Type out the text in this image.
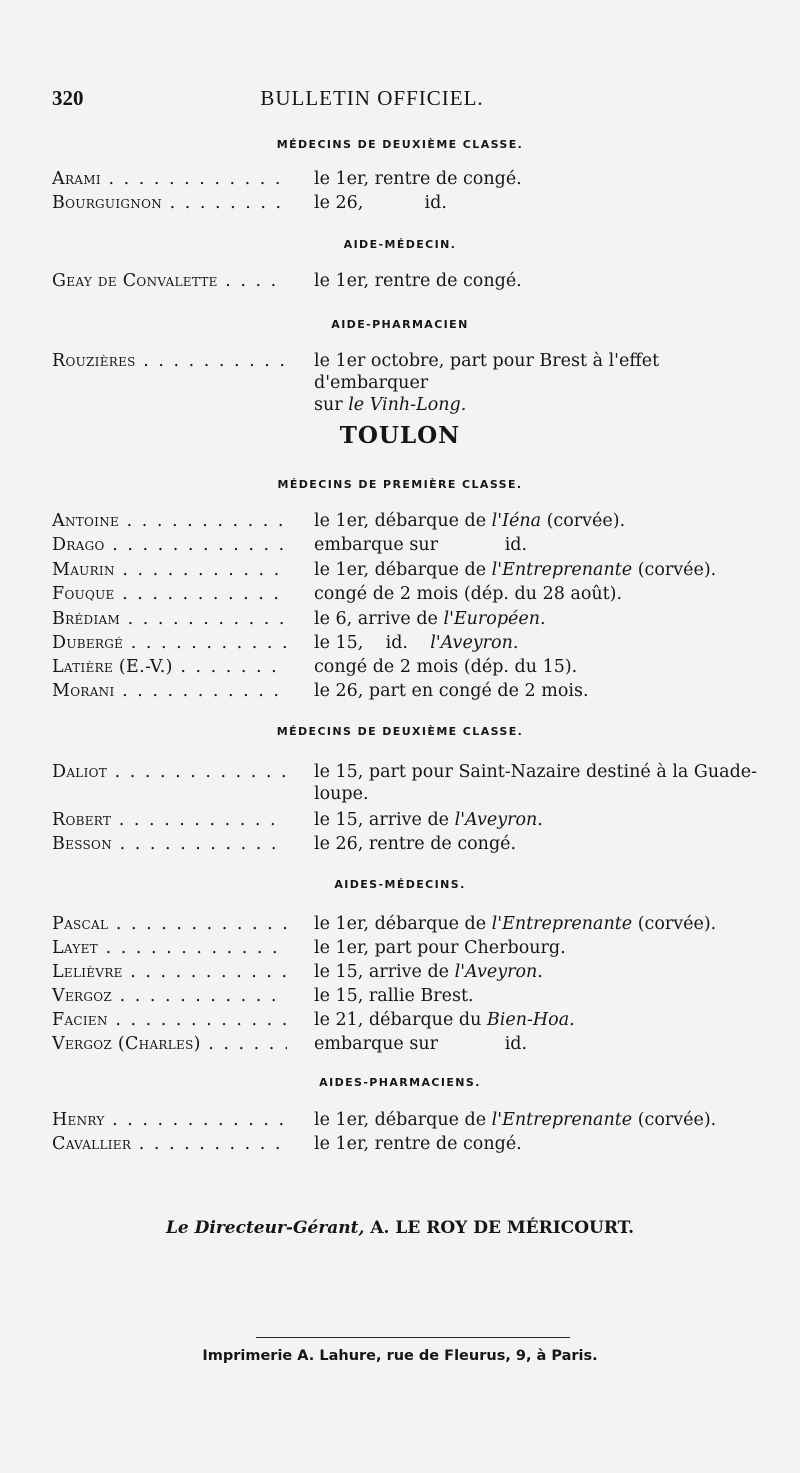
320	BULLETIN OFFICIEL.
MÉDECINS DE DEUXIÈME CLASSE.
Arami . . .	le 1er, rentre de congé.
Bourguignon . . .	le 26,           id.
AIDE-MÉDECIN.
Geay de Convalette . . .	le 1er, rentre de congé.
AIDE-PHARMACIEN
Rouzières . . .	le 1er octobre, part pour Brest à l'effet d'embarquer
sur le Vinh-Long.
TOULON
MÉDECINS DE PREMIÈRE CLASSE.
Antoine . . .	le 1er, débarque de l'Iéna (corvée).
Drago . . .	embarque sur            id.
Maurin . . .	le 1er, débarque de l'Entreprenante (corvée).
Fouque . . .	congé de 2 mois (dép. du 28 août).
Brédiam . . .	le 6, arrive de l'Européen.
Dubergé . . .	le 15,    id.    l'Aveyron.
Latière (E.-V.) . . .	congé de 2 mois (dép. du 15).
Morani . . .	le 26, part en congé de 2 mois.
MÉDECINS DE DEUXIÈME CLASSE.
Daliot . . .	le 15, part pour Saint-Nazaire destiné à la Guade-
loupe.
Robert . . .	le 15, arrive de l'Aveyron.
Besson . . .	le 26, rentre de congé.
AIDES-MÉDECINS.
Pascal . . .	le 1er, débarque de l'Entreprenante (corvée).
Layet . . .	le 1er, part pour Cherbourg.
Lelièvre . . .	le 15, arrive de l'Aveyron.
Vergoz . . .	le 15, rallie Brest.
Facien . . .	le 21, débarque du Bien-Hoa.
Vergoz (Charles) . . .	embarque sur            id.
AIDES-PHARMACIENS.
Henry . . .	le 1er, débarque de l'Entreprenante (corvée).
Cavallier . . .	le 1er, rentre de congé.
Le Directeur-Gérant, A. LE ROY DE MÉRICOURT.
Imprimerie A. Lahure, rue de Fleurus, 9, à Paris.
